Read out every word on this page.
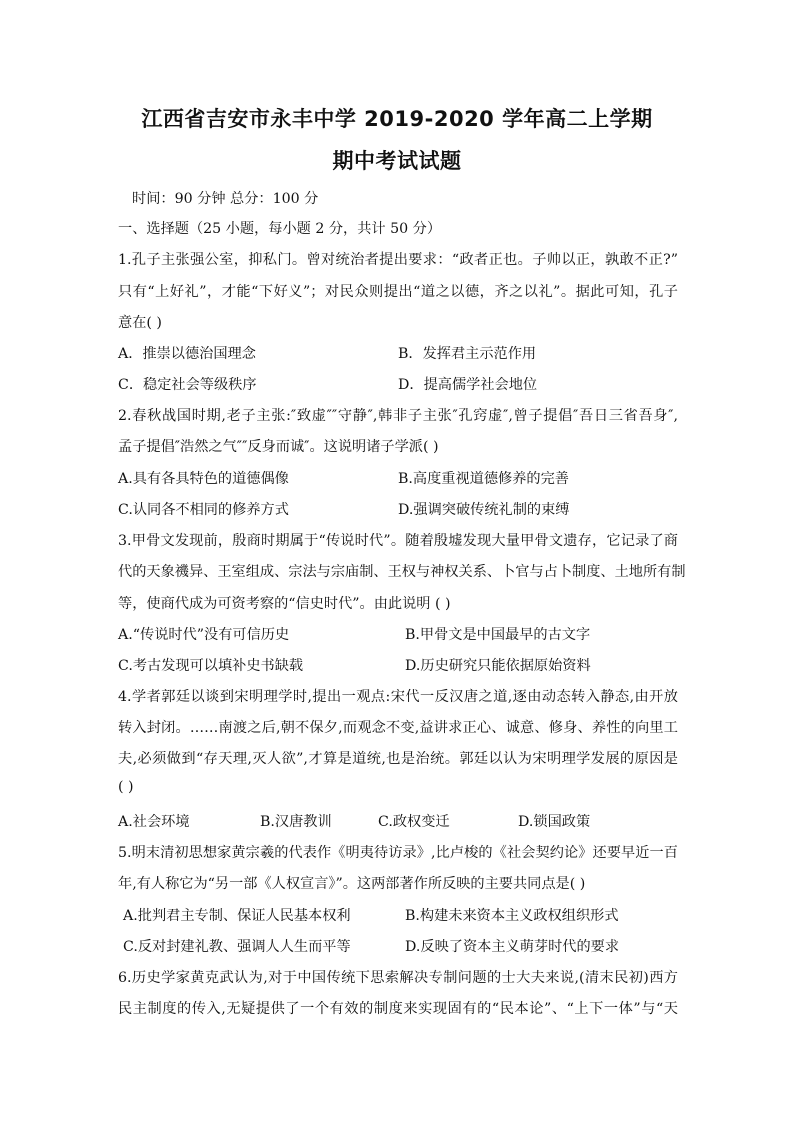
江西省吉安市永丰中学 2019-2020 学年高二上学期
期中考试试题
时间：90 分钟 总分：100 分
一、选择题（25 小题，每小题 2 分，共计 50 分）
1.孔子主张强公室，抑私门。曾对统治者提出要求：“政者正也。子帅以正，孰敢不正?”
只有“上好礼”，才能“下好义”；对民众则提出“道之以德，齐之以礼”。据此可知，孔子
意在( )
A．推崇以德治国理念	B．发挥君主示范作用
C．稳定社会等级秩序	D．提高儒学社会地位
2.春秋战国时期,老子主张:″致虚″″守静″,韩非子主张″孔窍虚″,曾子提倡″吾日三省吾身″,
孟子提倡″浩然之气″″反身而诚″。这说明诸子学派( )
A.具有各具特色的道德偶像	B.高度重视道德修养的完善
C.认同各不相同的修养方式	D.强调突破传统礼制的束缚
3.甲骨文发现前，殷商时期属于“传说时代”。随着殷墟发现大量甲骨文遗存，它记录了商
代的天象禨异、王室组成、宗法与宗庙制、王权与神权关系、卜官与占卜制度、土地所有制
等，使商代成为可资考察的“信史时代”。由此说明 ( )
A.“传说时代”没有可信历史	B.甲骨文是中国最早的古文字
C.考古发现可以填补史书缺载	D.历史研究只能依据原始资料
4.学者郭廷以谈到宋明理学时,提出一观点:宋代一反汉唐之道,逐由动态转入静态,由开放
转入封闭。……南渡之后,朝不保夕,而观念不变,益讲求正心、诚意、修身、养性的向里工
夫,必须做到“存天理,灭人欲”,才算是道统,也是治统。郭廷以认为宋明理学发展的原因是
( )
A.社会环境	B.汉唐教训	C.政权变迁	D.锁国政策
5.明末清初思想家黄宗羲的代表作《明夷待访录》,比卢梭的《社会契约论》还要早近一百
年,有人称它为“另一部《人权宣言》”。这两部著作所反映的主要共同点是( )
A.批判君主专制、保证人民基本权利	B.构建未来资本主义政权组织形式
C.反对封建礼教、强调人人生而平等	D.反映了资本主义萌芽时代的要求
6.历史学家黄克武认为,对于中国传统下思索解决专制问题的士大夫来说,(清末民初)西方
民主制度的传入,无疑提供了一个有效的制度来实现固有的“民本论”、“上下一体”与“天
